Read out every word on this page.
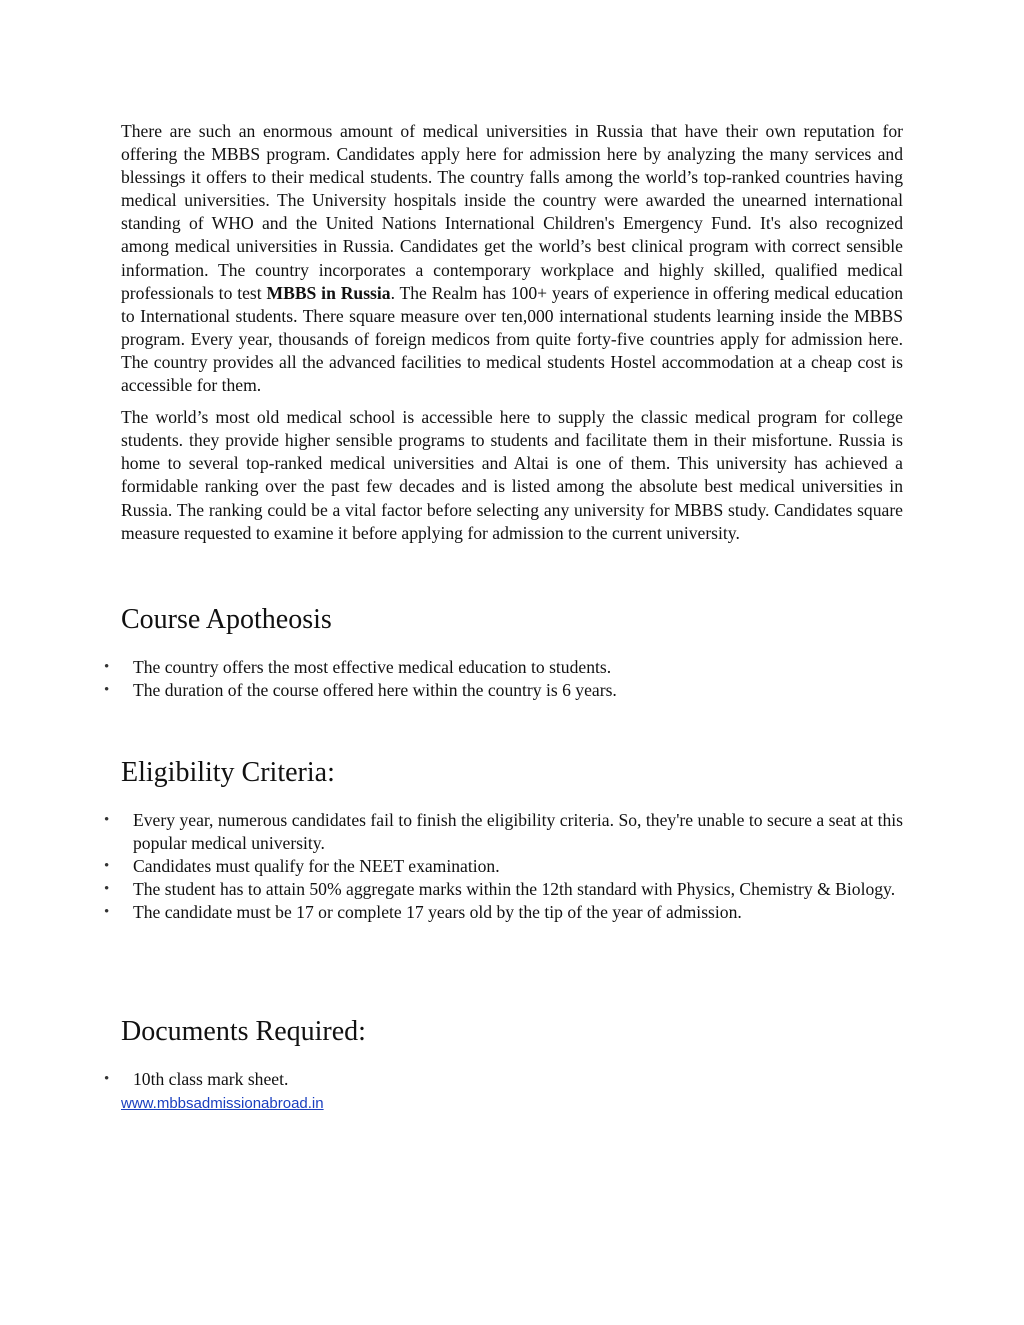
There are such an enormous amount of medical universities in Russia that have their own reputation for offering the MBBS program. Candidates apply here for admission here by analyzing the many services and blessings it offers to their medical students. The country falls among the world’s top-ranked countries having medical universities. The University hospitals inside the country were awarded the unearned international standing of WHO and the United Nations International Children's Emergency Fund. It's also recognized among medical universities in Russia. Candidates get the world’s best clinical program with correct sensible information. The country incorporates a contemporary workplace and highly skilled, qualified medical professionals to test MBBS in Russia. The Realm has 100+ years of experience in offering medical education to International students. There square measure over ten,000 international students learning inside the MBBS program. Every year, thousands of foreign medicos from quite forty-five countries apply for admission here. The country provides all the advanced facilities to medical students Hostel accommodation at a cheap cost is accessible for them.

The world’s most old medical school is accessible here to supply the classic medical program for college students. they provide higher sensible programs to students and facilitate them in their misfortune. Russia is home to several top-ranked medical universities and Altai is one of them. This university has achieved a formidable ranking over the past few decades and is listed among the absolute best medical universities in Russia. The ranking could be a vital factor before selecting any university for MBBS study. Candidates square measure requested to examine it before applying for admission to the current university.

Course Apotheosis
• The country offers the most effective medical education to students.
• The duration of the course offered here within the country is 6 years.
Eligibility Criteria:
• Every year, numerous candidates fail to finish the eligibility criteria. So, they're unable to secure a seat at this popular medical university.
• Candidates must qualify for the NEET examination.
• The student has to attain 50% aggregate marks within the 12th standard with Physics, Chemistry & Biology.
• The candidate must be 17 or complete 17 years old by the tip of the year of admission.
Documents Required:
• 10th class mark sheet.
www.mbbsadmissionabroad.in
